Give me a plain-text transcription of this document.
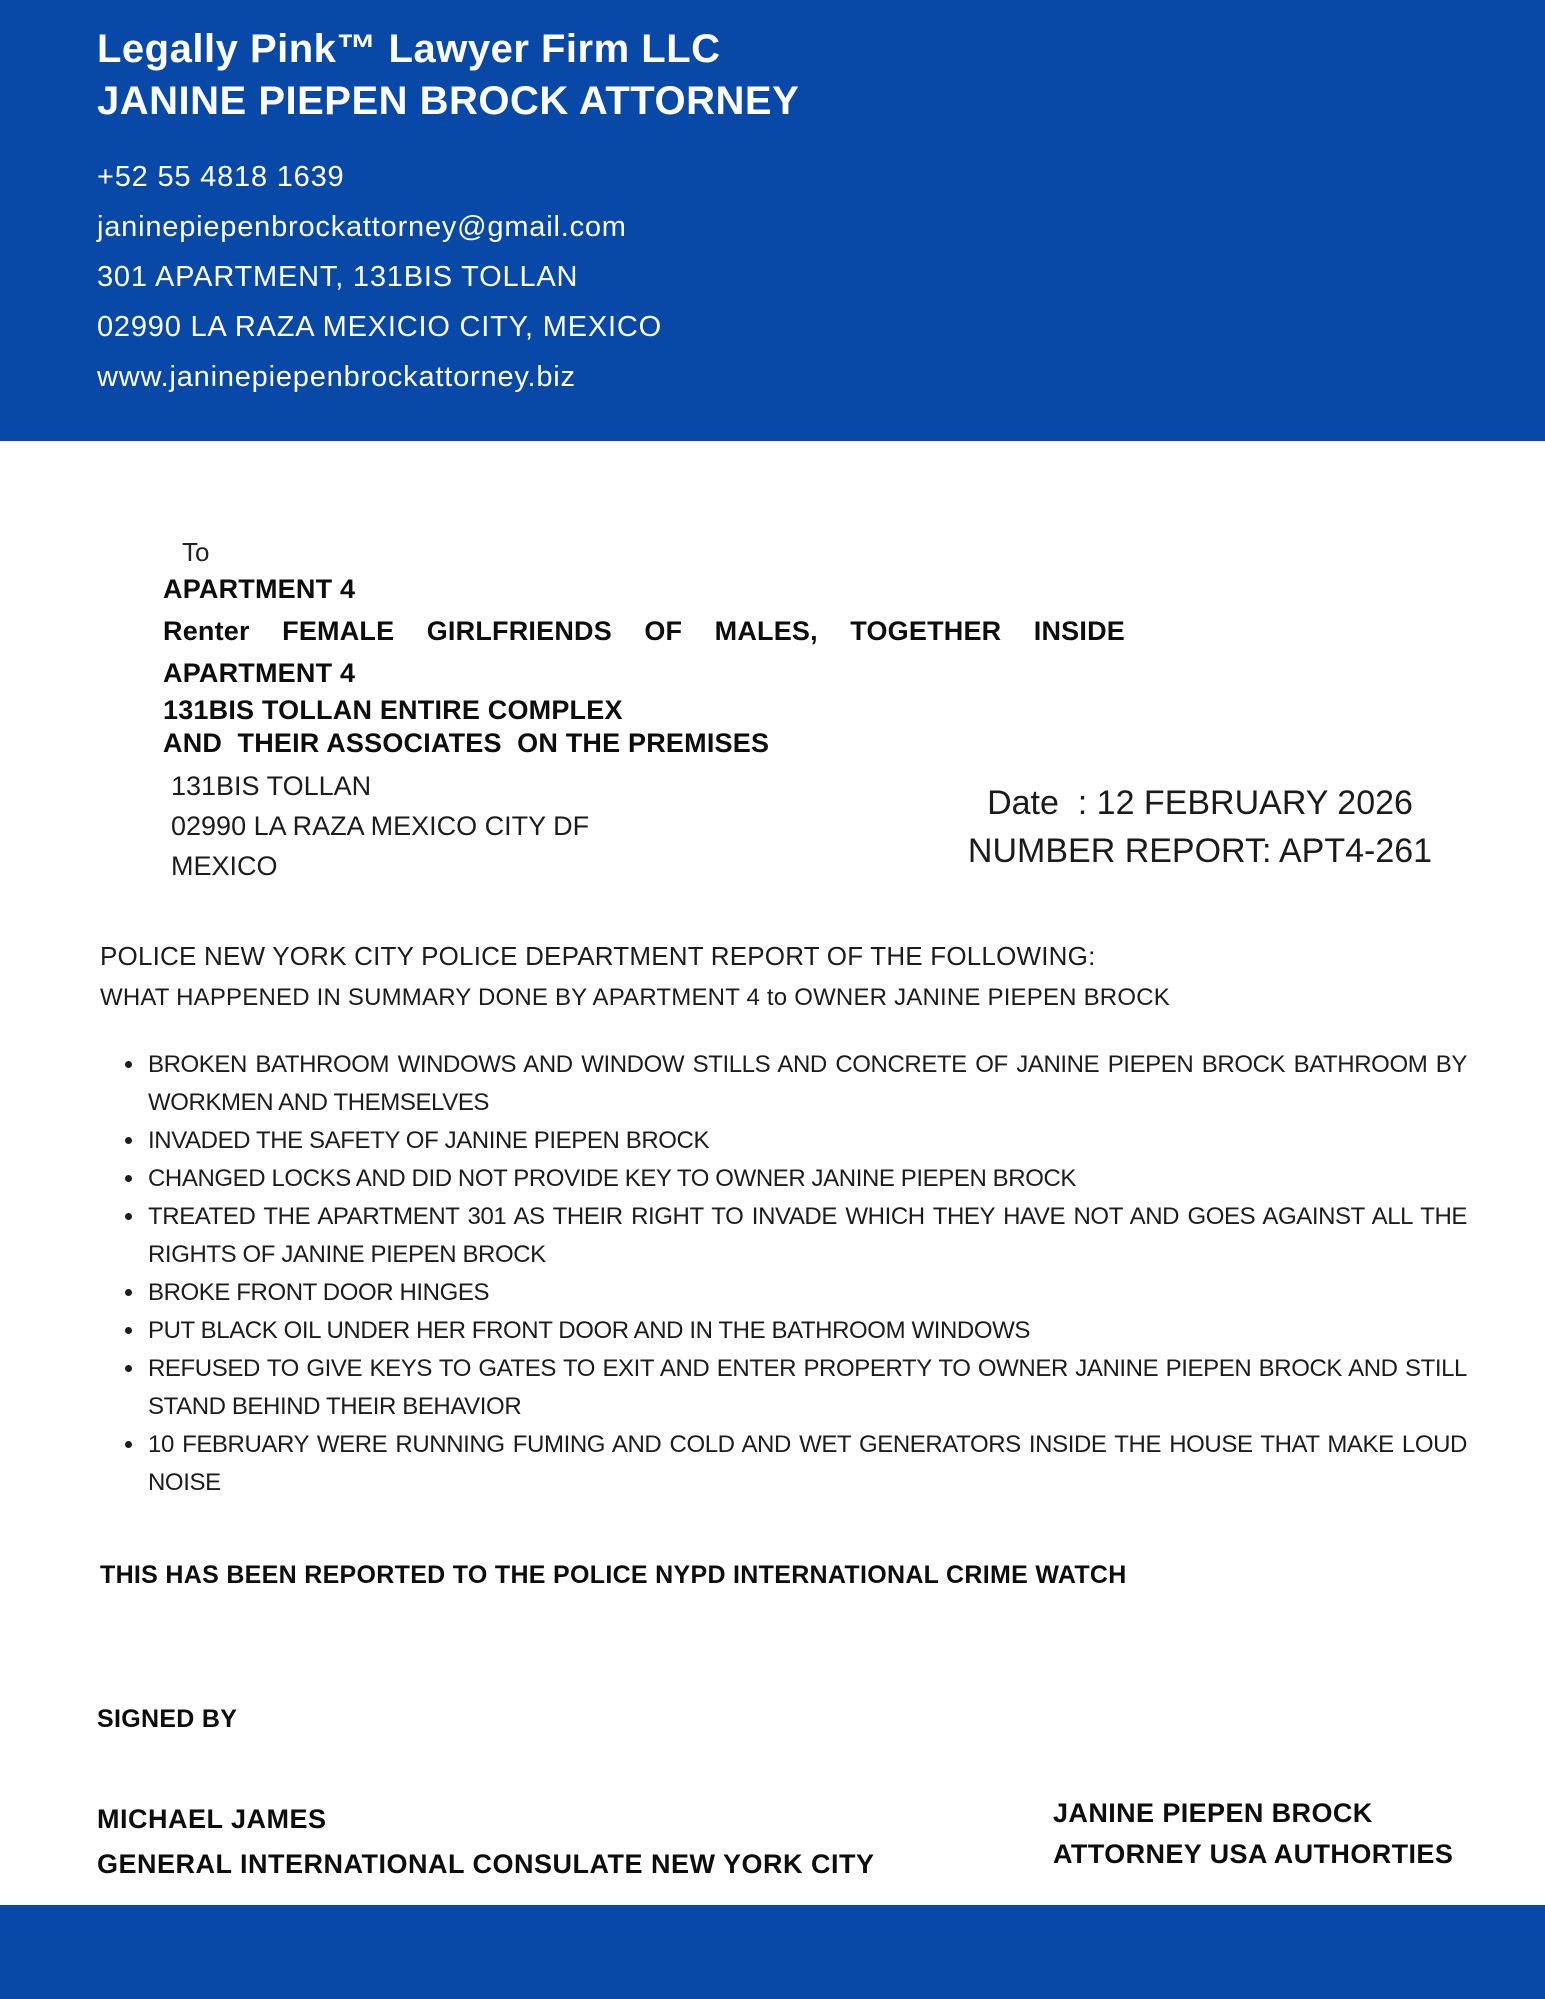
Legally Pink™ Lawyer Firm LLC
JANINE PIEPEN BROCK ATTORNEY
+52 55 4818 1639
janinepiepenbrockattorney@gmail.com
301 APARTMENT, 131BIS TOLLAN
02990 LA RAZA MEXICIO CITY, MEXICO
www.janinepiepenbrockattorney.biz
To
APARTMENT 4
Renter FEMALE GIRLFRIENDS OF MALES, TOGETHER INSIDE
APARTMENT 4
131BIS TOLLAN ENTIRE COMPLEX
AND  THEIR ASSOCIATES  ON THE PREMISES
131BIS TOLLAN
02990 LA RAZA MEXICO CITY DF
MEXICO
Date  : 12 FEBRUARY 2026
NUMBER REPORT: APT4-261
POLICE NEW YORK CITY POLICE DEPARTMENT REPORT OF THE FOLLOWING:
WHAT HAPPENED IN SUMMARY DONE BY APARTMENT 4 to OWNER JANINE PIEPEN BROCK
• BROKEN BATHROOM WINDOWS AND WINDOW STILLS AND CONCRETE OF JANINE PIEPEN BROCK BATHROOM BY WORKMEN AND THEMSELVES
• INVADED THE SAFETY OF JANINE PIEPEN BROCK
• CHANGED LOCKS AND DID NOT PROVIDE KEY TO OWNER JANINE PIEPEN BROCK
• TREATED THE APARTMENT 301 AS THEIR RIGHT TO INVADE WHICH THEY HAVE NOT AND GOES AGAINST ALL THE RIGHTS OF JANINE PIEPEN BROCK
• BROKE FRONT DOOR HINGES
• PUT BLACK OIL UNDER HER FRONT DOOR AND IN THE BATHROOM WINDOWS
• REFUSED TO GIVE KEYS TO GATES TO EXIT AND ENTER PROPERTY TO OWNER JANINE PIEPEN BROCK AND STILL STAND BEHIND THEIR BEHAVIOR
• 10 FEBRUARY WERE RUNNING FUMING AND COLD AND WET GENERATORS INSIDE THE HOUSE THAT MAKE LOUD NOISE
THIS HAS BEEN REPORTED TO THE POLICE NYPD INTERNATIONAL CRIME WATCH
SIGNED BY
MICHAEL JAMES
GENERAL INTERNATIONAL CONSULATE NEW YORK CITY
JANINE PIEPEN BROCK
ATTORNEY USA AUTHORTIES
